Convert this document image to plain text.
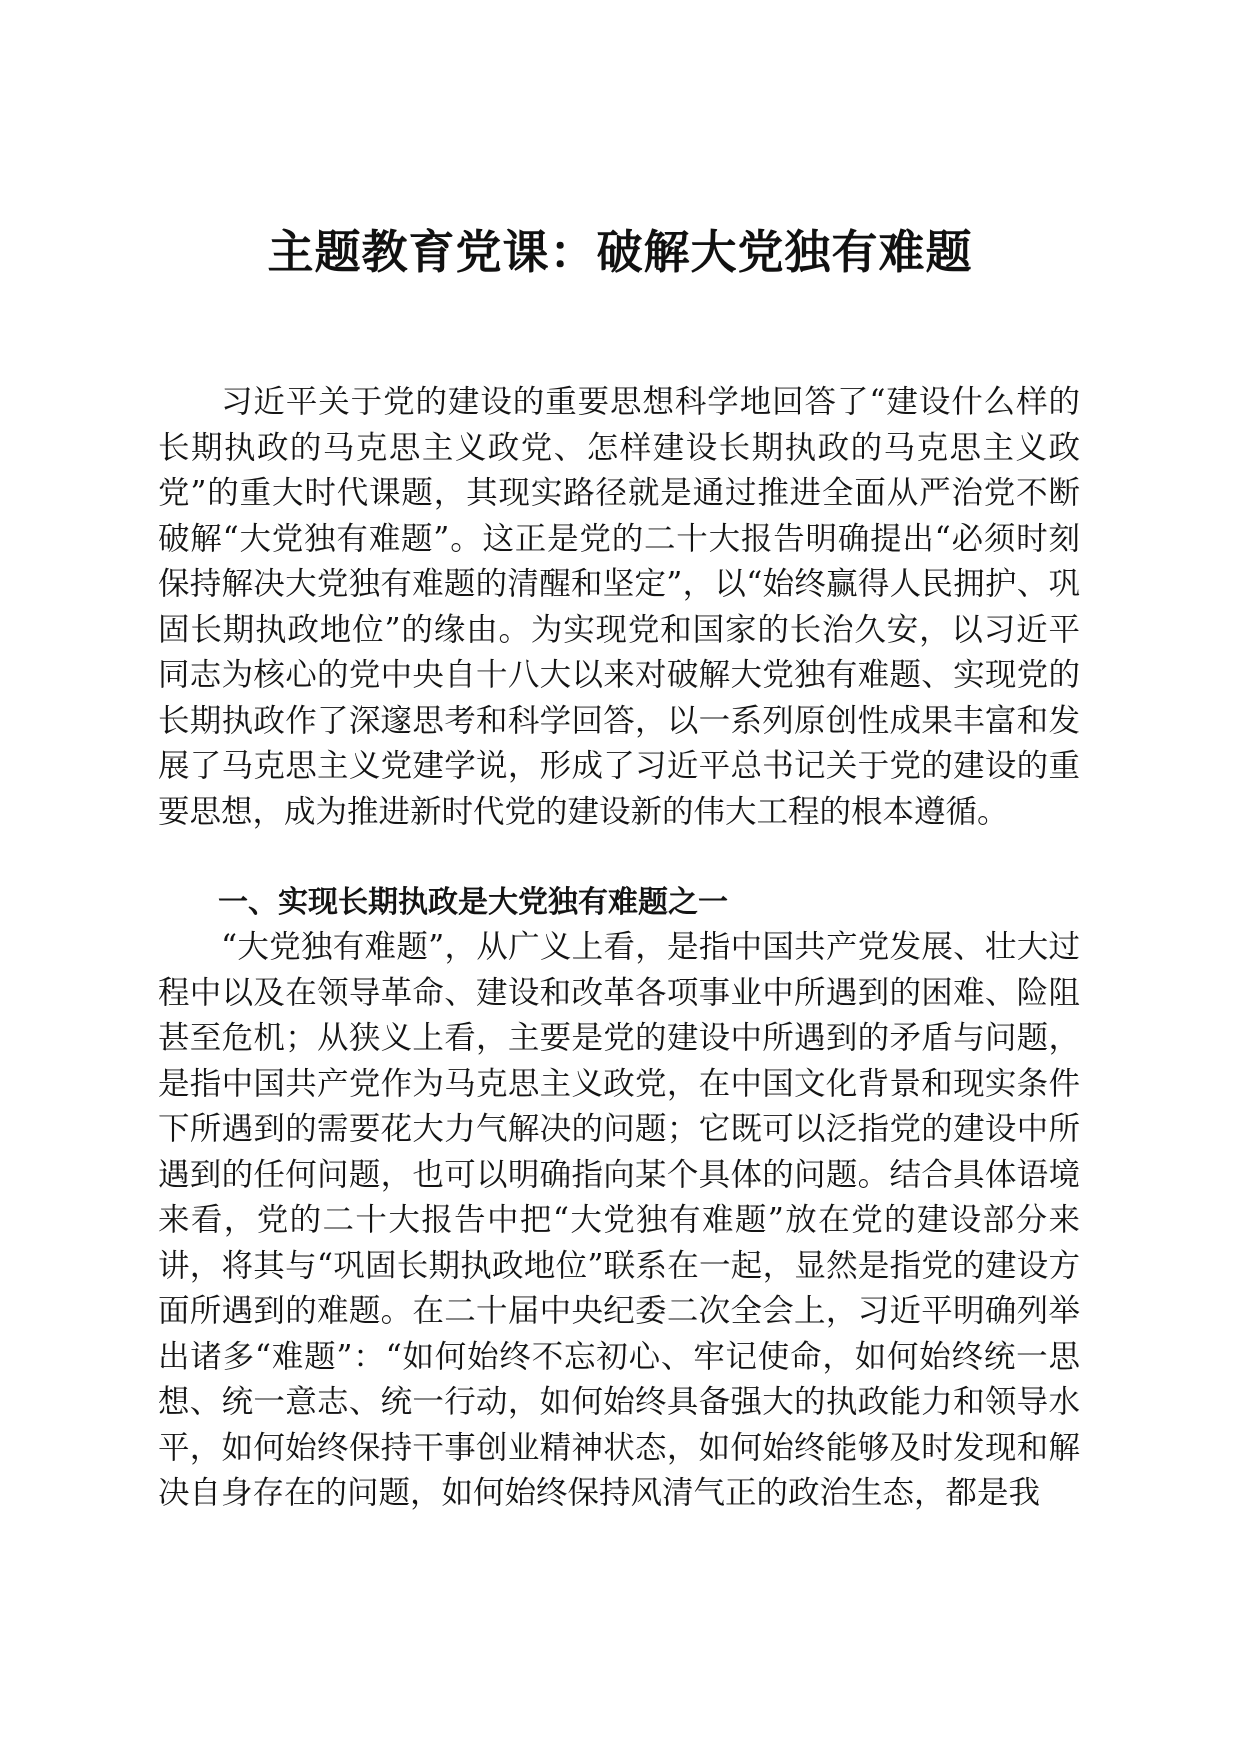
主题教育党课：破解大党独有难题

习近平关于党的建设的重要思想科学地回答了“建设什么样的长期执政的马克思主义政党、怎样建设长期执政的马克思主义政党”的重大时代课题，其现实路径就是通过推进全面从严治党不断破解“大党独有难题”。这正是党的二十大报告明确提出“必须时刻保持解决大党独有难题的清醒和坚定”，以“始终赢得人民拥护、巩固长期执政地位”的缘由。为实现党和国家的长治久安，以习近平同志为核心的党中央自十八大以来对破解大党独有难题、实现党的长期执政作了深邃思考和科学回答，以一系列原创性成果丰富和发展了马克思主义党建学说，形成了习近平总书记关于党的建设的重要思想，成为推进新时代党的建设新的伟大工程的根本遵循。

一、实现长期执政是大党独有难题之一

“大党独有难题”，从广义上看，是指中国共产党发展、壮大过程中以及在领导革命、建设和改革各项事业中所遇到的困难、险阻甚至危机；从狭义上看，主要是党的建设中所遇到的矛盾与问题，是指中国共产党作为马克思主义政党，在中国文化背景和现实条件下所遇到的需要花大力气解决的问题；它既可以泛指党的建设中所遇到的任何问题，也可以明确指向某个具体的问题。结合具体语境来看，党的二十大报告中把“大党独有难题”放在党的建设部分来讲，将其与“巩固长期执政地位”联系在一起，显然是指党的建设方面所遇到的难题。在二十届中央纪委二次全会上，习近平明确列举出诸多“难题”：“如何始终不忘初心、牢记使命，如何始终统一思想、统一意志、统一行动，如何始终具备强大的执政能力和领导水平，如何始终保持干事创业精神状态，如何始终能够及时发现和解决自身存在的问题，如何始终保持风清气正的政治生态，都是我
